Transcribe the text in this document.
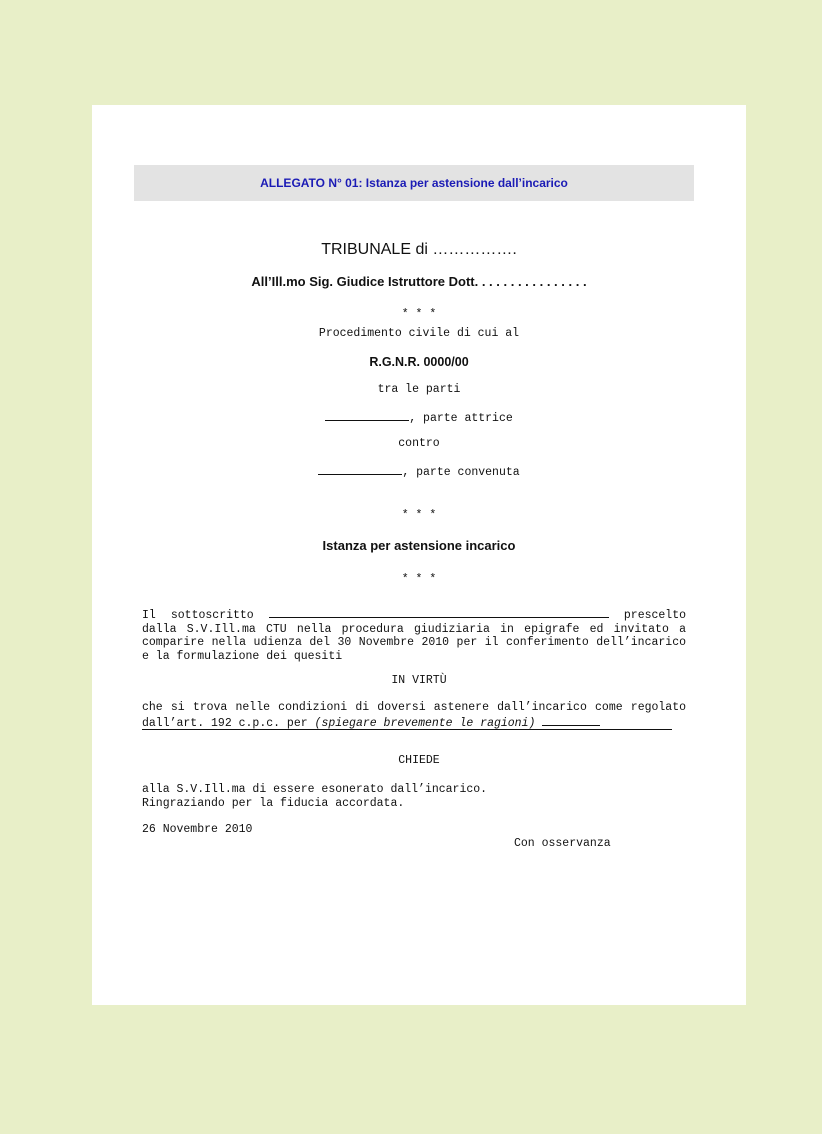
ALLEGATO N° 01: Istanza per astensione dall’incarico
TRIBUNALE di …………….
All’Ill.mo Sig. Giudice Istruttore Dott. . . . . . . . . . . . . . . .
* * *
Procedimento civile di cui al
R.G.N.R. 0000/00
tra le parti
, parte attrice
contro
, parte convenuta
* * *
Istanza per astensione incarico
* * *
Il sottoscritto	prescelto dalla S.V.Ill.ma CTU nella procedura giudiziaria in epigrafe ed invitato a comparire nella udienza del 30 Novembre 2010 per il conferimento dell’incarico e la formulazione dei quesiti
IN VIRTÙ
che si trova nelle condizioni di doversi astenere dall’incarico come regolato dall’art. 192 c.p.c. per (spiegare brevemente le ragioni)
CHIEDE
alla S.V.Ill.ma di essere esonerato dall’incarico.
Ringraziando per la fiducia accordata.
26 Novembre 2010
Con osservanza
